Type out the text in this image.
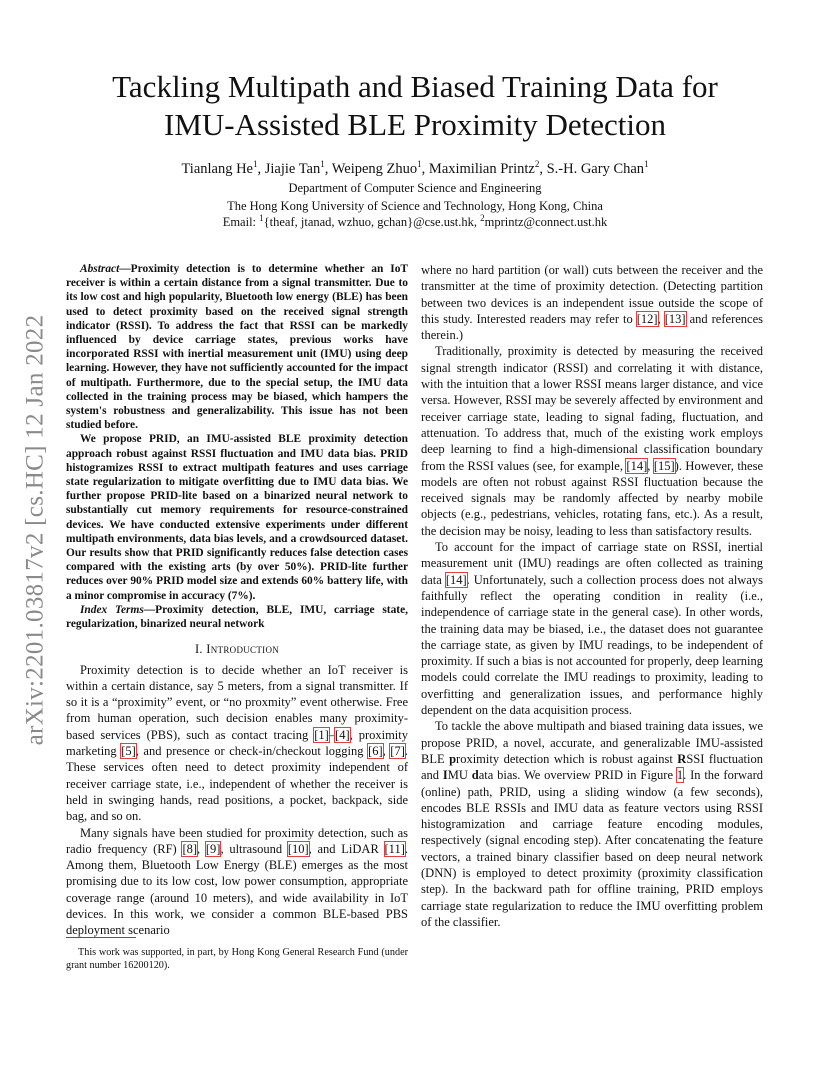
arXiv:2201.03817v2 [cs.HC] 12 Jan 2022
Tackling Multipath and Biased Training Data for
IMU-Assisted BLE Proximity Detection
Tianlang He$^1$, Jiajie Tan$^1$, Weipeng Zhuo$^1$, Maximilian Printz$^2$, S.-H. Gary Chan$^1$
Department of Computer Science and Engineering
The Hong Kong University of Science and Technology, Hong Kong, China
Email: $^1${theaf, jtanad, wzhuo, gchan}@cse.ust.hk, $^2$mprintz@connect.ust.hk

Abstract—Proximity detection is to determine whether an IoT receiver is within a certain distance from a signal transmitter. Due to its low cost and high popularity, Bluetooth low energy (BLE) has been used to detect proximity based on the received signal strength indicator (RSSI). To address the fact that RSSI can be markedly influenced by device carriage states, previous works have incorporated RSSI with inertial measurement unit (IMU) using deep learning. However, they have not sufficiently accounted for the impact of multipath. Furthermore, due to the special setup, the IMU data collected in the training process may be biased, which hampers the system's robustness and generalizability. This issue has not been studied before.

We propose PRID, an IMU-assisted BLE proximity detection approach robust against RSSI fluctuation and IMU data bias. PRID histogramizes RSSI to extract multipath features and uses carriage state regularization to mitigate overfitting due to IMU data bias. We further propose PRID-lite based on a binarized neural network to substantially cut memory requirements for resource-constrained devices. We have conducted extensive experiments under different multipath environments, data bias levels, and a crowdsourced dataset. Our results show that PRID significantly reduces false detection cases compared with the existing arts (by over 50%). PRID-lite further reduces over 90% PRID model size and extends 60% battery life, with a minor compromise in accuracy (7%).

Index Terms—Proximity detection, BLE, IMU, carriage state, regularization, binarized neural network

I. Introduction

Proximity detection is to decide whether an IoT receiver is within a certain distance, say 5 meters, from a signal transmitter. If so it is a “proximity” event, or “no proxmity” event otherwise. Free from human operation, such decision enables many proximity-based services (PBS), such as contact tracing [1]–[4], proximity marketing [5], and presence or check-in/checkout logging [6], [7]. These services often need to detect proximity independent of receiver carriage state, i.e., independent of whether the receiver is held in swinging hands, read positions, a pocket, backpack, side bag, and so on.

Many signals have been studied for proximity detection, such as radio frequency (RF) [8], [9], ultrasound [10], and LiDAR [11]. Among them, Bluetooth Low Energy (BLE) emerges as the most promising due to its low cost, low power consumption, appropriate coverage range (around 10 meters), and wide availability in IoT devices. In this work, we consider a common BLE-based PBS deployment scenario

This work was supported, in part, by Hong Kong General Research Fund (under grant number 16200120).

where no hard partition (or wall) cuts between the receiver and the transmitter at the time of proximity detection. (Detecting partition between two devices is an independent issue outside the scope of this study. Interested readers may refer to [12], [13] and references therein.)

Traditionally, proximity is detected by measuring the received signal strength indicator (RSSI) and correlating it with distance, with the intuition that a lower RSSI means larger distance, and vice versa. However, RSSI may be severely affected by environment and receiver carriage state, leading to signal fading, fluctuation, and attenuation. To address that, much of the existing work employs deep learning to find a high-dimensional classification boundary from the RSSI values (see, for example, [14], [15]). However, these models are often not robust against RSSI fluctuation because the received signals may be randomly affected by nearby mobile objects (e.g., pedestrians, vehicles, rotating fans, etc.). As a result, the decision may be noisy, leading to less than satisfactory results.

To account for the impact of carriage state on RSSI, inertial measurement unit (IMU) readings are often collected as training data [14]. Unfortunately, such a collection process does not always faithfully reflect the operating condition in reality (i.e., independence of carriage state in the general case). In other words, the training data may be biased, i.e., the dataset does not guarantee the carriage state, as given by IMU readings, to be independent of proximity. If such a bias is not accounted for properly, deep learning models could correlate the IMU readings to proximity, leading to overfitting and generalization issues, and performance highly dependent on the data acquisition process.

To tackle the above multipath and biased training data issues, we propose PRID, a novel, accurate, and generalizable IMU-assisted BLE proximity detection which is robust against RSSI fluctuation and IMU data bias. We overview PRID in Figure 1. In the forward (online) path, PRID, using a sliding window (a few seconds), encodes BLE RSSIs and IMU data as feature vectors using RSSI histogramization and carriage feature encoding modules, respectively (signal encoding step). After concatenating the feature vectors, a trained binary classifier based on deep neural network (DNN) is employed to detect proximity (proximity classification step). In the backward path for offline training, PRID employs carriage state regularization to reduce the IMU overfitting problem of the classifier.
